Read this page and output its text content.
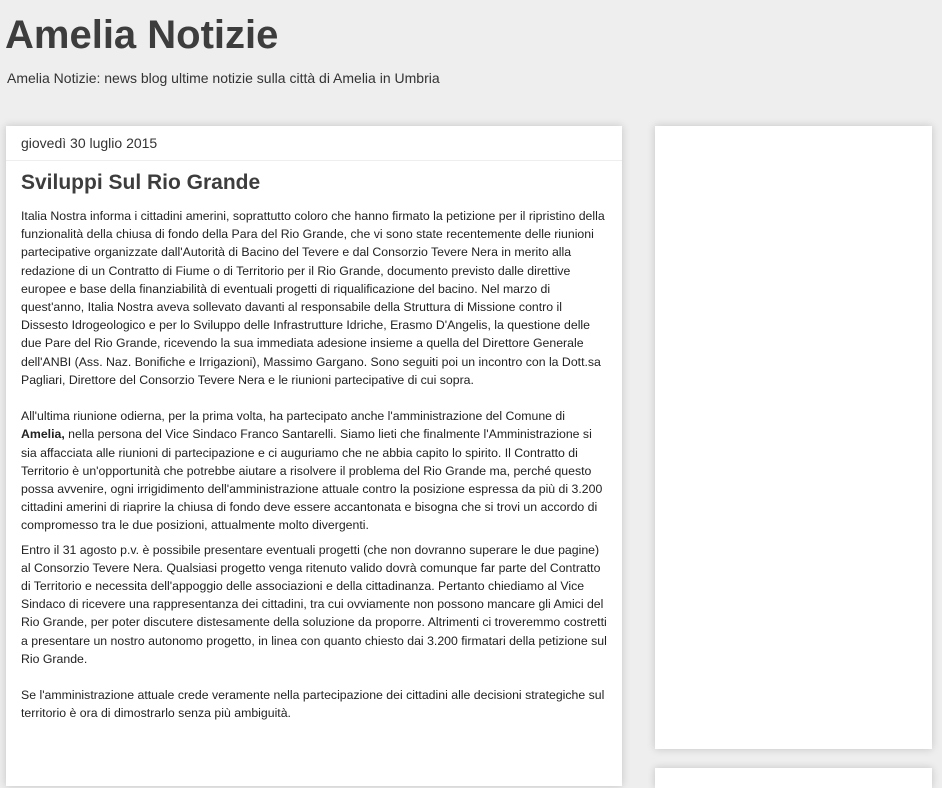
Amelia Notizie

Amelia Notizie: news blog ultime notizie sulla città di Amelia in Umbria

giovedì 30 luglio 2015
Sviluppi Sul Rio Grande

Italia Nostra informa i cittadini amerini, soprattutto coloro che hanno firmato la petizione per il ripristino della funzionalità della chiusa di fondo della Para del Rio Grande, che vi sono state recentemente delle riunioni partecipative organizzate dall'Autorità di Bacino del Tevere e dal Consorzio Tevere Nera in merito alla redazione di un Contratto di Fiume o di Territorio per il Rio Grande, documento previsto dalle direttive europee e base della finanziabilità di eventuali progetti di riqualificazione del bacino. Nel marzo di quest'anno, Italia Nostra aveva sollevato davanti al responsabile della Struttura di Missione contro il Dissesto Idrogeologico e per lo Sviluppo delle Infrastrutture Idriche, Erasmo D'Angelis, la questione delle due Pare del Rio Grande, ricevendo la sua immediata adesione insieme a quella del Direttore Generale dell'ANBI (Ass. Naz. Bonifiche e Irrigazioni), Massimo Gargano. Sono seguiti poi un incontro con la Dott.sa Pagliari, Direttore del Consorzio Tevere Nera e le riunioni partecipative di cui sopra.

All'ultima riunione odierna, per la prima volta, ha partecipato anche l'amministrazione del Comune di Amelia, nella persona del Vice Sindaco Franco Santarelli. Siamo lieti che finalmente l'Amministrazione si sia affacciata alle riunioni di partecipazione e ci auguriamo che ne abbia capito lo spirito. Il Contratto di Territorio è un'opportunità che potrebbe aiutare a risolvere il problema del Rio Grande ma, perché questo possa avvenire, ogni irrigidimento dell'amministrazione attuale contro la posizione espressa da più di 3.200 cittadini amerini di riaprire la chiusa di fondo deve essere accantonata e bisogna che si trovi un accordo di compromesso tra le due posizioni, attualmente molto divergenti.

Entro il 31 agosto p.v. è possibile presentare eventuali progetti (che non dovranno superare le due pagine) al Consorzio Tevere Nera. Qualsiasi progetto venga ritenuto valido dovrà comunque far parte del Contratto di Territorio e necessita dell'appoggio delle associazioni e della cittadinanza. Pertanto chiediamo al Vice Sindaco di ricevere una rappresentanza dei cittadini, tra cui ovviamente non possono mancare gli Amici del Rio Grande, per poter discutere distesamente della soluzione da proporre. Altrimenti ci troveremmo costretti a presentare un nostro autonomo progetto, in linea con quanto chiesto dai 3.200 firmatari della petizione sul Rio Grande.

Se l'amministrazione attuale crede veramente nella partecipazione dei cittadini alle decisioni strategiche sul territorio è ora di dimostrarlo senza più ambiguità.
